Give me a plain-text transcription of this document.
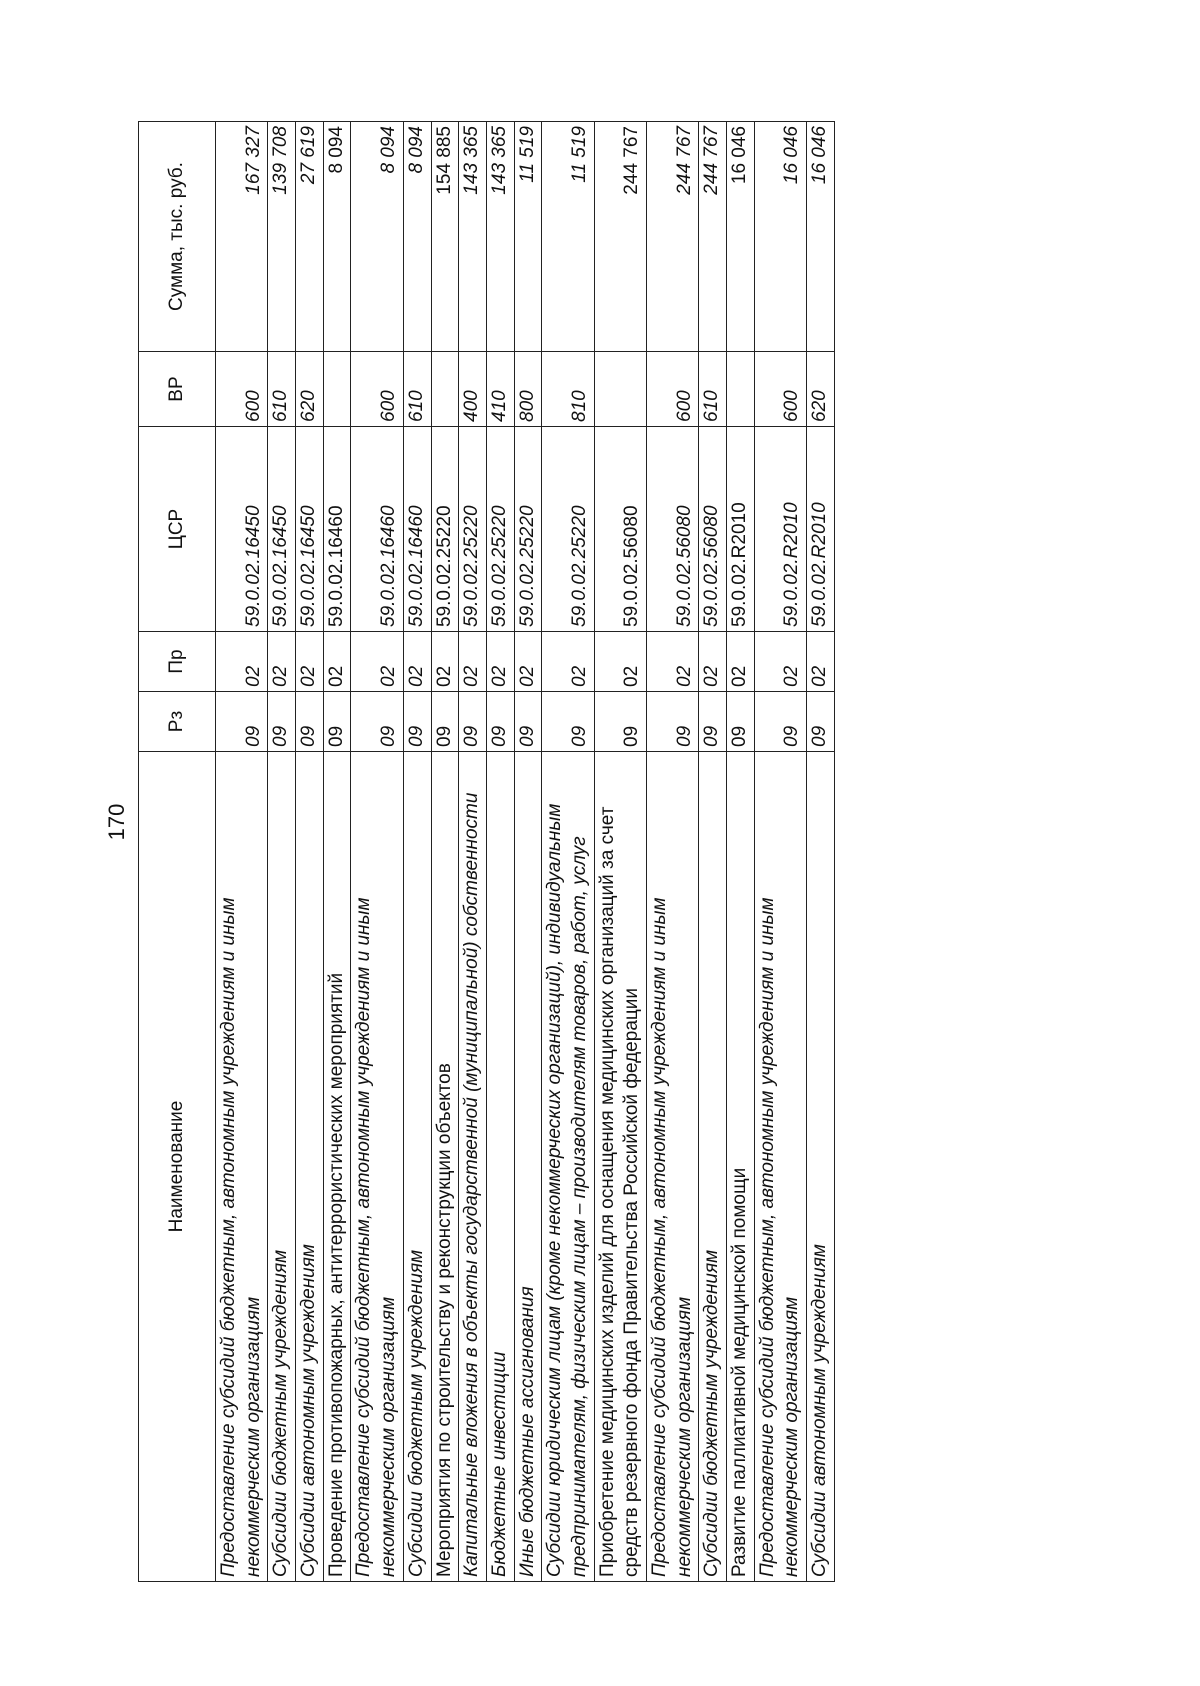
170
Наименование	Рз	Пр	ЦСР	ВР	Сумма, тыс. руб.
Предоставление субсидий бюджетным, автономным учреждениям и иным некоммерческим организациям	09	02	59.0.02.16450	600	167 327
Субсидии бюджетным учреждениям	09	02	59.0.02.16450	610	139 708
Субсидии автономным учреждениям	09	02	59.0.02.16450	620	27 619
Проведение противопожарных, антитеррористических мероприятий	09	02	59.0.02.16460		8 094
Предоставление субсидий бюджетным, автономным учреждениям и иным некоммерческим организациям	09	02	59.0.02.16460	600	8 094
Субсидии бюджетным учреждениям	09	02	59.0.02.16460	610	8 094
Мероприятия по строительству и реконструкции объектов	09	02	59.0.02.25220		154 885
Капитальные вложения в объекты государственной (муниципальной) собственности	09	02	59.0.02.25220	400	143 365
Бюджетные инвестиции	09	02	59.0.02.25220	410	143 365
Иные бюджетные ассигнования	09	02	59.0.02.25220	800	11 519
Субсидии юридическим лицам (кроме некоммерческих организаций), индивидуальным предпринимателям, физическим лицам – производителям товаров, работ, услуг	09	02	59.0.02.25220	810	11 519
Приобретение медицинских изделий для оснащения медицинских организаций за счет средств резервного фонда Правительства Российской федерации	09	02	59.0.02.56080		244 767
Предоставление субсидий бюджетным, автономным учреждениям и иным некоммерческим организациям	09	02	59.0.02.56080	600	244 767
Субсидии бюджетным учреждениям	09	02	59.0.02.56080	610	244 767
Развитие паллиативной медицинской помощи	09	02	59.0.02.R2010		16 046
Предоставление субсидий бюджетным, автономным учреждениям и иным некоммерческим организациям	09	02	59.0.02.R2010	600	16 046
Субсидии автономным учреждениям	09	02	59.0.02.R2010	620	16 046
